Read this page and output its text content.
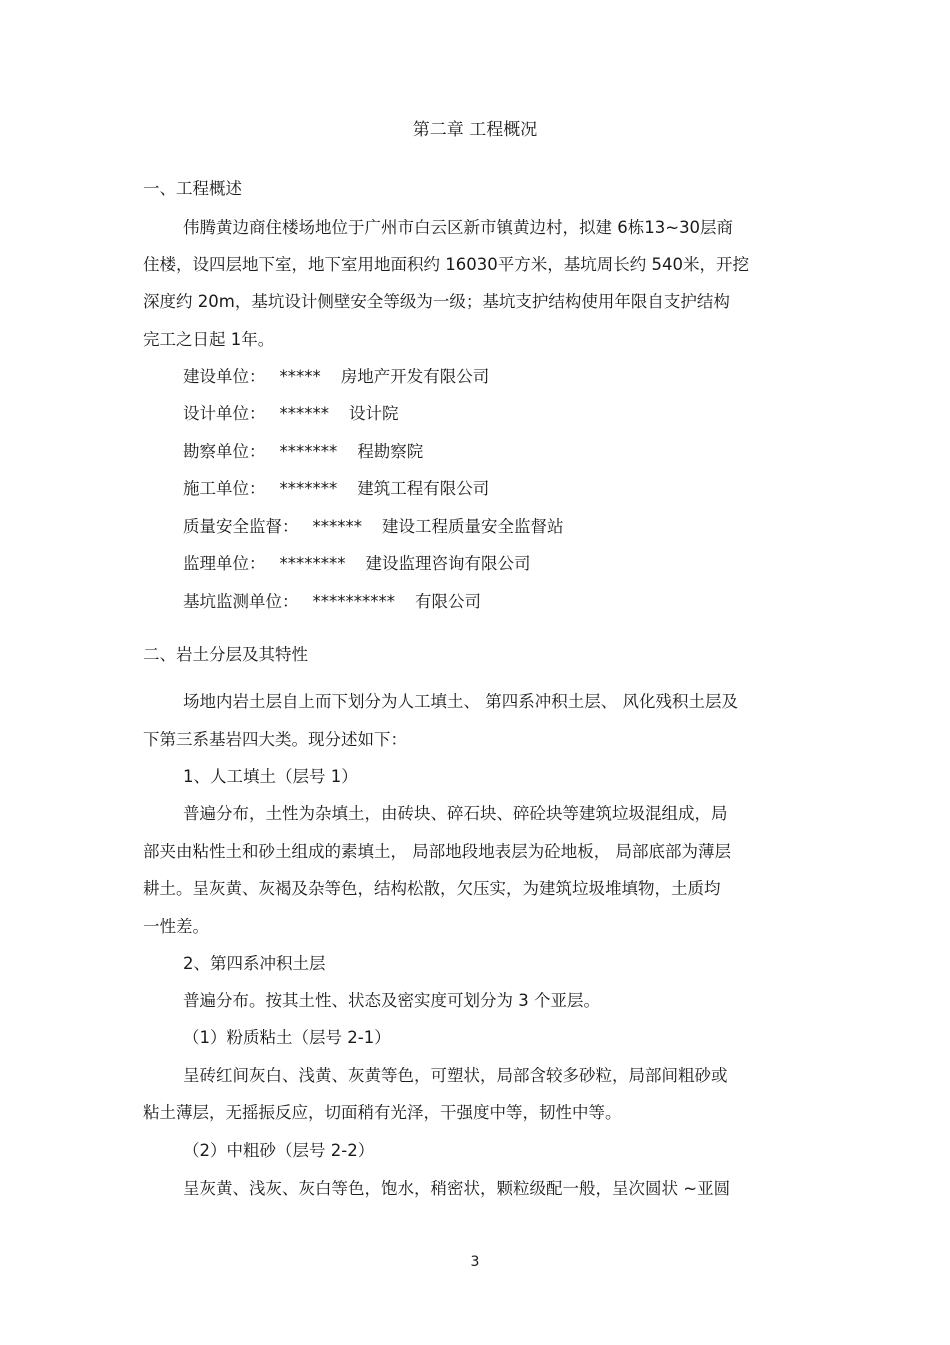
第二章 工程概况
一、工程概述
伟腾黄边商住楼场地位于广州市白云区新市镇黄边村，拟建 6栋13~30层商
住楼，设四层地下室，地下室用地面积约 16030平方米，基坑周长约 540米，开挖
深度约 20m，基坑设计侧壁安全等级为一级；基坑支护结构使用年限自支护结构
完工之日起 1年。
建设单位： ***** 房地产开发有限公司
设计单位： ****** 设计院
勘察单位： ******* 程勘察院
施工单位： ******* 建筑工程有限公司
质量安全监督： ****** 建设工程质量安全监督站
监理单位： ******** 建设监理咨询有限公司
基坑监测单位： ********** 有限公司
二、岩土分层及其特性
场地内岩土层自上而下划分为人工填土、 第四系冲积土层、 风化残积土层及
下第三系基岩四大类。现分述如下：
1、人工填土（层号 1）
普遍分布，土性为杂填土，由砖块、碎石块、碎砼块等建筑垃圾混组成，局
部夹由粘性土和砂土组成的素填土， 局部地段地表层为砼地板， 局部底部为薄层
耕土。呈灰黄、灰褐及杂等色，结构松散，欠压实，为建筑垃圾堆填物，土质均
一性差。
2、第四系冲积土层
普遍分布。按其土性、状态及密实度可划分为 3 个亚层。
（1）粉质粘土（层号 2-1）
呈砖红间灰白、浅黄、灰黄等色，可塑状，局部含较多砂粒，局部间粗砂或
粘土薄层，无摇振反应，切面稍有光泽，干强度中等，韧性中等。
（2）中粗砂（层号 2-2）
呈灰黄、浅灰、灰白等色，饱水，稍密状，颗粒级配一般，呈次圆状 ~亚圆
3
